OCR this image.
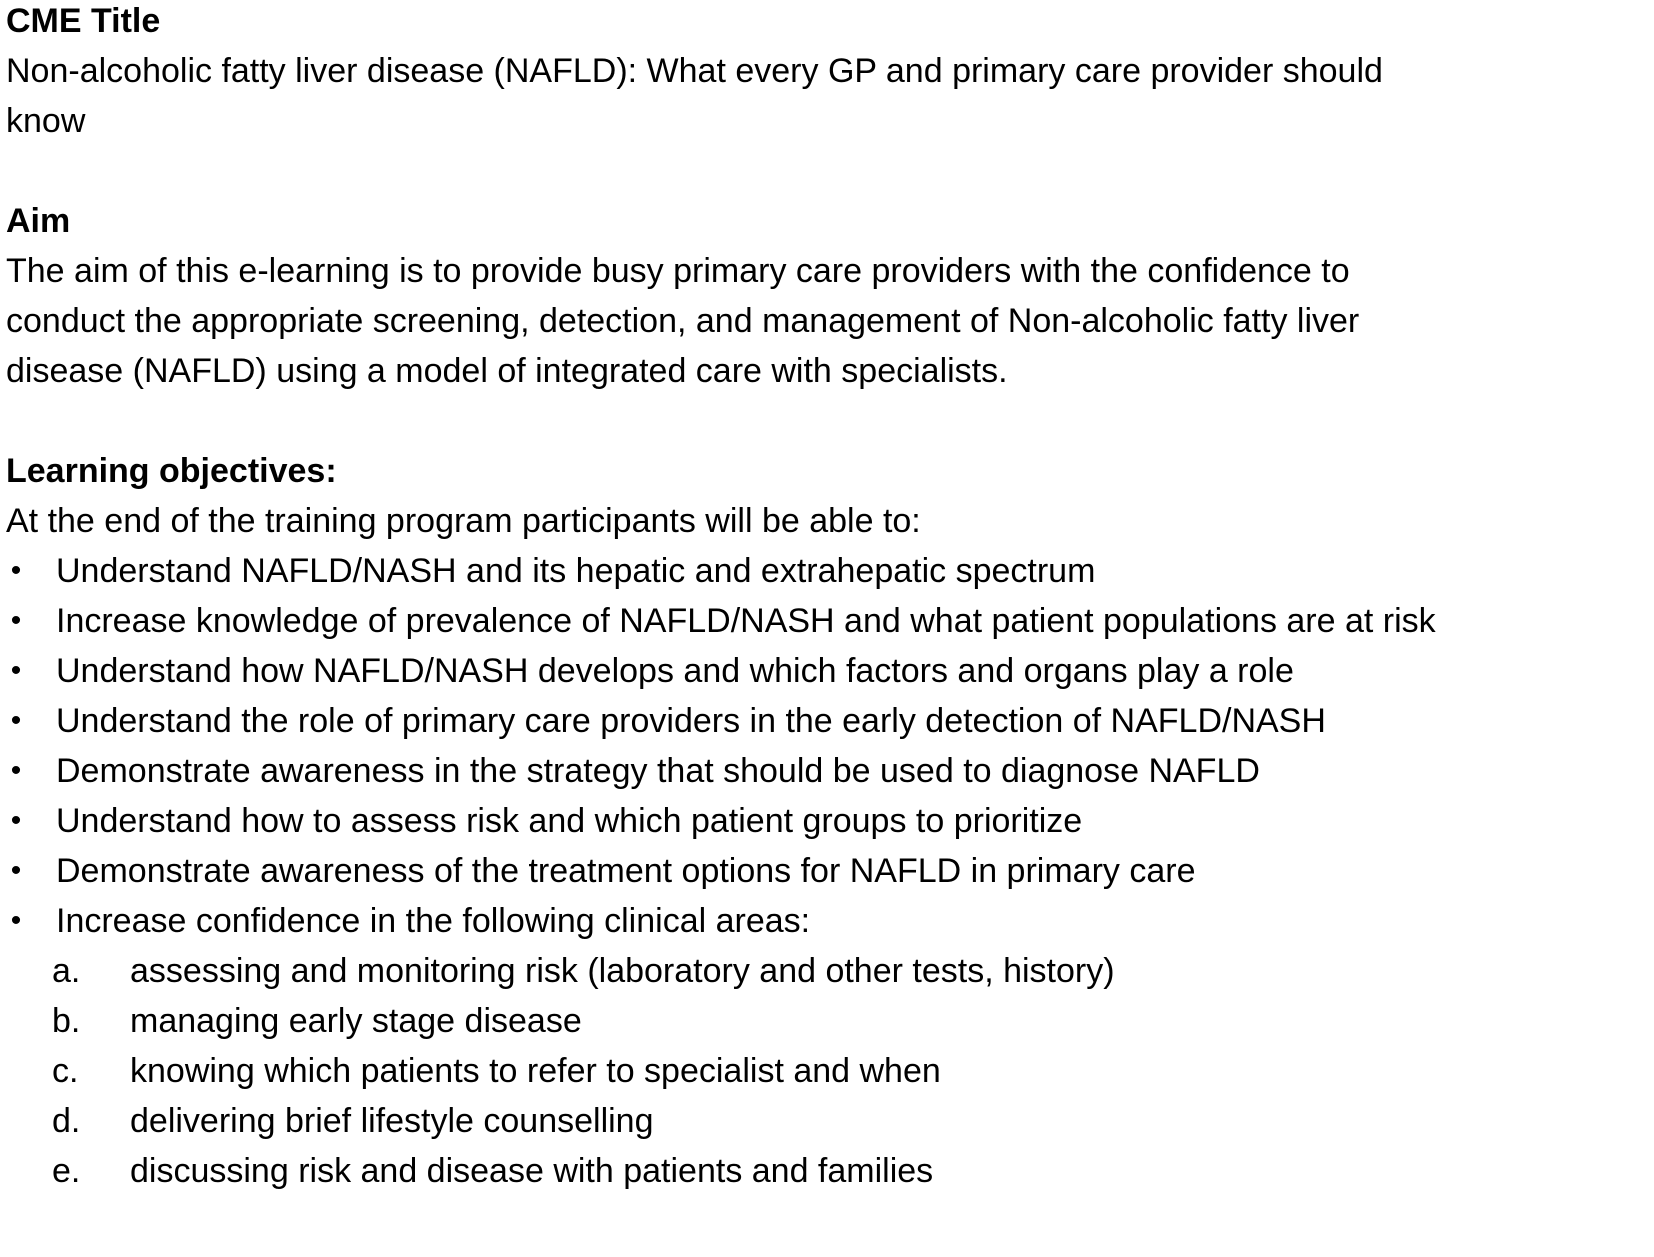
CME Title
Non-alcoholic fatty liver disease (NAFLD): What every GP and primary care provider should
know
Aim
The aim of this e-learning is to provide busy primary care providers with the confidence to
conduct the appropriate screening, detection, and management of Non-alcoholic fatty liver
disease (NAFLD) using a model of integrated care with specialists.
Learning objectives:
At the end of the training program participants will be able to:
• Understand NAFLD/NASH and its hepatic and extrahepatic spectrum
• Increase knowledge of prevalence of NAFLD/NASH and what patient populations are at risk
• Understand how NAFLD/NASH develops and which factors and organs play a role
• Understand the role of primary care providers in the early detection of NAFLD/NASH
• Demonstrate awareness in the strategy that should be used to diagnose NAFLD
• Understand how to assess risk and which patient groups to prioritize
• Demonstrate awareness of the treatment options for NAFLD in primary care
• Increase confidence in the following clinical areas:
a. assessing and monitoring risk (laboratory and other tests, history)
b. managing early stage disease
c. knowing which patients to refer to specialist and when
d. delivering brief lifestyle counselling
e. discussing risk and disease with patients and families
